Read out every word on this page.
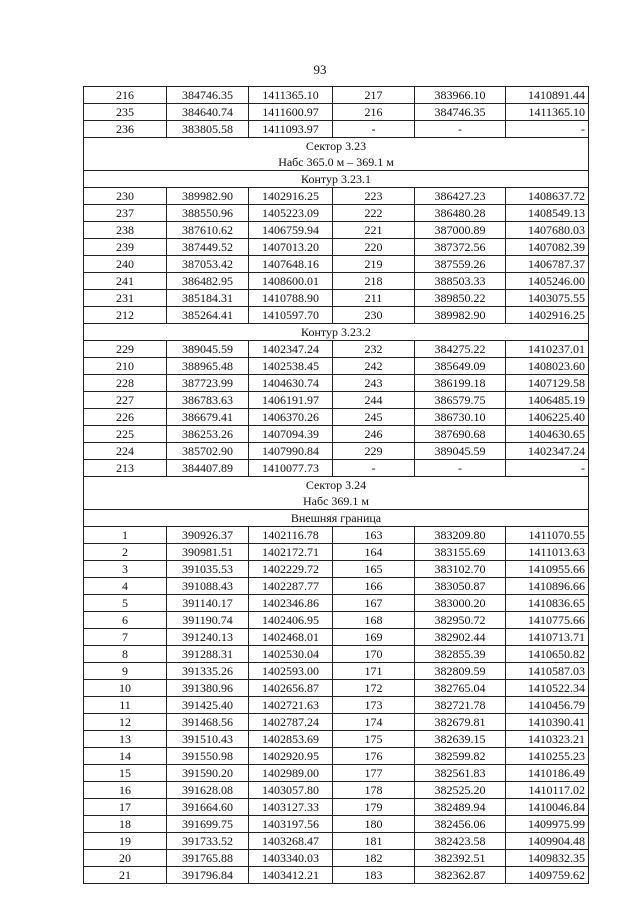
93
216	384746.35	1411365.10	217	383966.10	1410891.44
235	384640.74	1411600.97	216	384746.35	1411365.10
236	383805.58	1411093.97	-	-	-

Сектор 3.23
Набс 365.0 м – 369.1 м					

Контур 3.23.1					

230	389982.90	1402916.25	223	386427.23	1408637.72
237	388550.96	1405223.09	222	386480.28	1408549.13
238	387610.62	1406759.94	221	387000.89	1407680.03
239	387449.52	1407013.20	220	387372.56	1407082.39
240	387053.42	1407648.16	219	387559.26	1406787.37
241	386482.95	1408600.01	218	388503.33	1405246.00
231	385184.31	1410788.90	211	389850.22	1403075.55
212	385264.41	1410597.70	230	389982.90	1402916.25

Контур 3.23.2					

229	389045.59	1402347.24	232	384275.22	1410237.01
210	388965.48	1402538.45	242	385649.09	1408023.60
228	387723.99	1404630.74	243	386199.18	1407129.58
227	386783.63	1406191.97	244	386579.75	1406485.19
226	386679.41	1406370.26	245	386730.10	1406225.40
225	386253.26	1407094.39	246	387690.68	1404630.65
224	385702.90	1407990.84	229	389045.59	1402347.24
213	384407.89	1410077.73	-	-	-

Сектор 3.24
Набс 369.1 м					

Внешняя граница					

1	390926.37	1402116.78	163	383209.80	1411070.55
2	390981.51	1402172.71	164	383155.69	1411013.63
3	391035.53	1402229.72	165	383102.70	1410955.66
4	391088.43	1402287.77	166	383050.87	1410896.66
5	391140.17	1402346.86	167	383000.20	1410836.65
6	391190.74	1402406.95	168	382950.72	1410775.66
7	391240.13	1402468.01	169	382902.44	1410713.71
8	391288.31	1402530.04	170	382855.39	1410650.82
9	391335.26	1402593.00	171	382809.59	1410587.03
10	391380.96	1402656.87	172	382765.04	1410522.34
11	391425.40	1402721.63	173	382721.78	1410456.79
12	391468.56	1402787.24	174	382679.81	1410390.41
13	391510.43	1402853.69	175	382639.15	1410323.21
14	391550.98	1402920.95	176	382599.82	1410255.23
15	391590.20	1402989.00	177	382561.83	1410186.49
16	391628.08	1403057.80	178	382525.20	1410117.02
17	391664.60	1403127.33	179	382489.94	1410046.84
18	391699.75	1403197.56	180	382456.06	1409975.99
19	391733.52	1403268.47	181	382423.58	1409904.48
20	391765.88	1403340.03	182	382392.51	1409832.35
21	391796.84	1403412.21	183	382362.87	1409759.62
